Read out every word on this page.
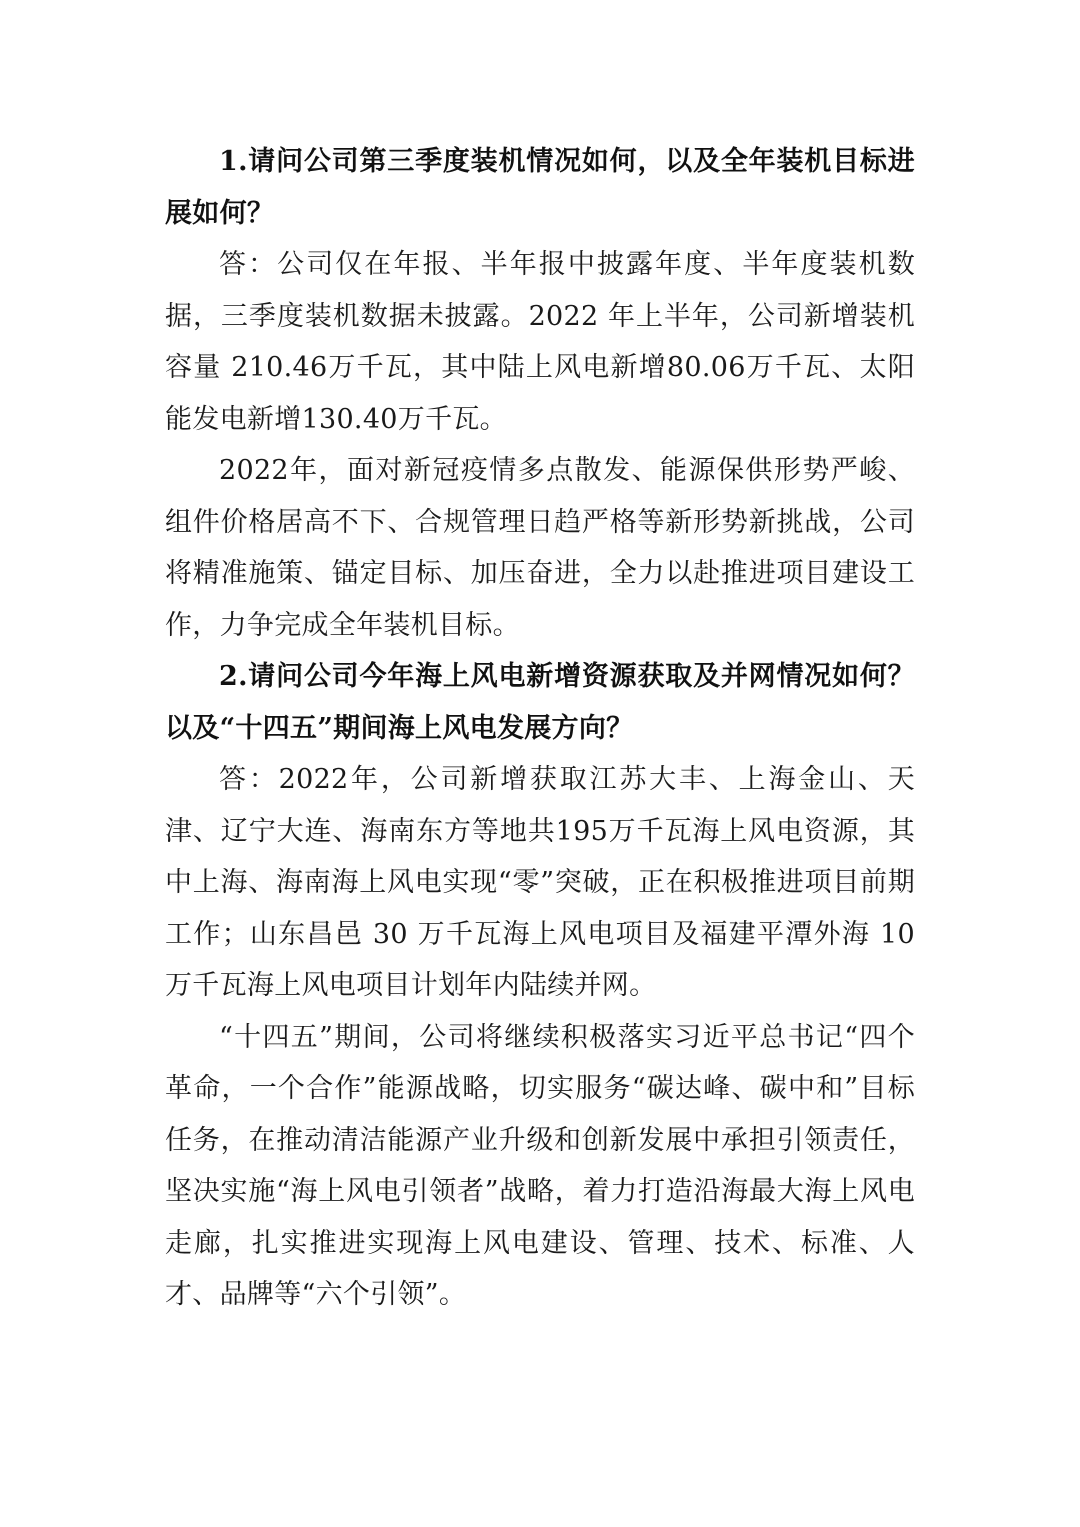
1.请问公司第三季度装机情况如何，以及全年装机目标进展如何？

答：公司仅在年报、半年报中披露年度、半年度装机数据，三季度装机数据未披露。2022 年上半年，公司新增装机容量 210.46万千瓦，其中陆上风电新增80.06万千瓦、太阳能发电新增130.40万千瓦。

2022年，面对新冠疫情多点散发、能源保供形势严峻、组件价格居高不下、合规管理日趋严格等新形势新挑战，公司将精准施策、锚定目标、加压奋进，全力以赴推进项目建设工作，力争完成全年装机目标。

2.请问公司今年海上风电新增资源获取及并网情况如何？以及“十四五”期间海上风电发展方向？

答：2022年，公司新增获取江苏大丰、上海金山、天津、辽宁大连、海南东方等地共195万千瓦海上风电资源，其中上海、海南海上风电实现“零”突破，正在积极推进项目前期工作；山东昌邑 30 万千瓦海上风电项目及福建平潭外海 10 万千瓦海上风电项目计划年内陆续并网。

“十四五”期间，公司将继续积极落实习近平总书记“四个革命，一个合作”能源战略，切实服务“碳达峰、碳中和”目标任务，在推动清洁能源产业升级和创新发展中承担引领责任，坚决实施“海上风电引领者”战略，着力打造沿海最大海上风电走廊，扎实推进实现海上风电建设、管理、技术、标准、人才、品牌等“六个引领”。
